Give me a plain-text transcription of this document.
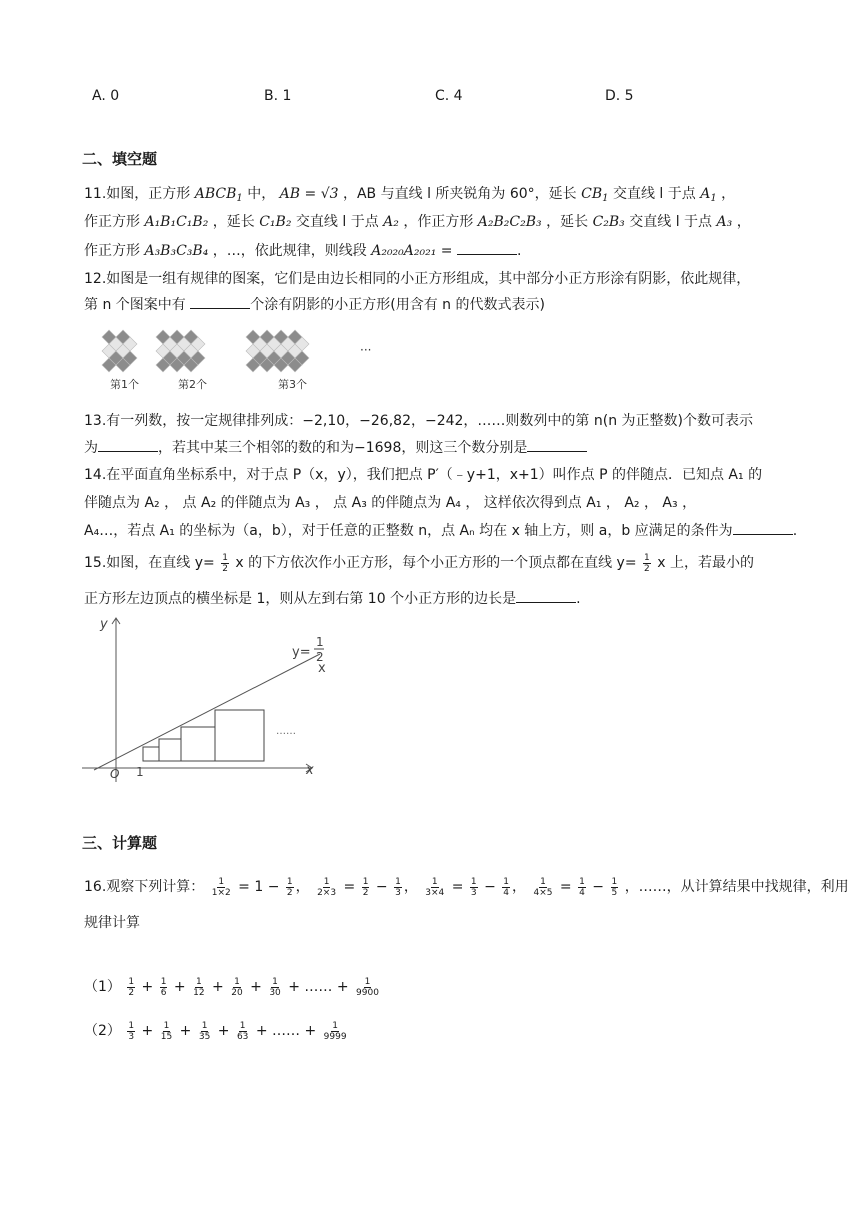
A. 0	B. 1	C. 4	D. 5
二、填空题
11.如图，正方形 $ABCB_1$ 中， AB = √3 ，AB 与直线 l 所夹锐角为 60°，延长 $CB_1$ 交直线 l 于点 $A_1$ ，
作正方形 A₁B₁C₁B₂ ，延长 C₁B₂ 交直线 l 于点 A₂ ，作正方形 A₂B₂C₂B₃ ，延长 C₂B₃ 交直线 l 于点 A₃ ，
作正方形 A₃B₃C₃B₄ ，…，依此规律，则线段 A₂₀₂₀A₂₀₂₁ =	.
12.如图是一组有规律的图案，它们是由边长相同的小正方形组成，其中部分小正方形涂有阴影，依此规律，
第 n 个图案中有	个涂有阴影的小正方形(用含有 n 的代数式表示)
第1个	第2个	第3个
···
13.有一列数，按一定规律排列成：−2,10，−26,82，−242，……则数列中的第 n(n 为正整数)个数可表示
为	，若其中某三个相邻的数的和为−1698，则这三个数分别是
14.在平面直角坐标系中，对于点 P（x，y），我们把点 P′（﹣y+1，x+1）叫作点 P 的伴随点．已知点 A₁ 的
伴随点为 A₂ ， 点 A₂ 的伴随点为 A₃ ， 点 A₃ 的伴随点为 A₄ ， 这样依次得到点 A₁ ， A₂ ， A₃ ，
A₄…，若点 A₁ 的坐标为（a，b），对于任意的正整数 n，点 Aₙ 均在 x 轴上方，则 a，b 应满足的条件为	.
15.如图，在直线 $y= \frac{1}{2}$ x 的下方依次作小正方形，每个小正方形的一个顶点都在直线 $y= \frac{1}{2}$ x 上，若最小的
正方形左边顶点的横坐标是 1，则从左到右第 10 个小正方形的边长是	.
y
x
O 1
……
y=
1
2
x
三、计算题
16.观察下列计算： $\frac{1}{1\times 2} = 1 - \frac{1}{2}$ ， $\frac{1}{2\times 3} = \frac{1}{2} - \frac{1}{3}$ ， $\frac{1}{3\times 4} = \frac{1}{3} - \frac{1}{4}$ ， $\frac{1}{4\times 5} = \frac{1}{4} - \frac{1}{5}$ ，……，从计算结果中找规律，利用
规律计算
$(1) \frac{1}{2} + \frac{1}{6} + \frac{1}{12} + \frac{1}{20} + \frac{1}{30}$ + …… + $\frac{1}{9900}$
$(2) \frac{1}{3} + \frac{1}{15} + \frac{1}{35} + \frac{1}{63}$ + …… + $\frac{1}{9999}$
